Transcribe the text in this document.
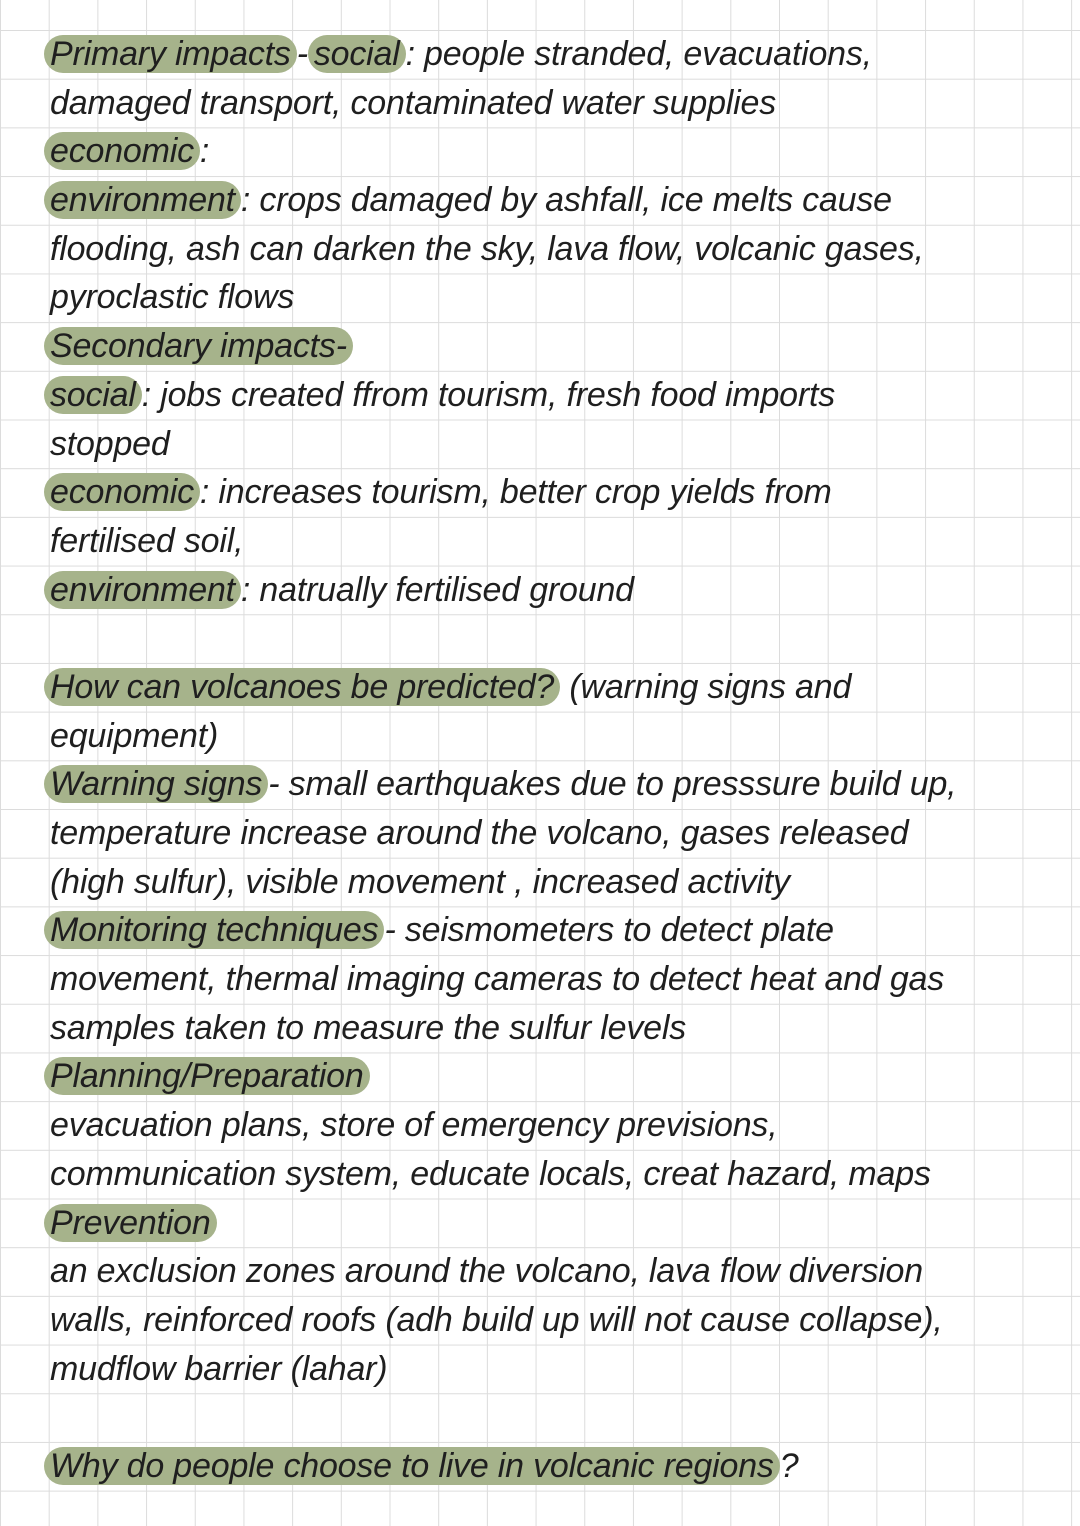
Primary impacts - social : people stranded, evacuations,
damaged transport, contaminated water supplies
economic :
environment : crops damaged by ashfall, ice melts cause
flooding, ash can darken the sky, lava flow, volcanic gases,
pyroclastic flows
Secondary impacts-
social : jobs created ffrom tourism, fresh food imports
stopped
economic : increases tourism, better crop yields from
fertilised soil,
environment : natrually fertilised ground
How can volcanoes be predicted? (warning signs and
equipment)
Warning signs - small earthquakes due to presssure build up,
temperature increase around the volcano, gases released
(high sulfur), visible movement , increased activity
Monitoring techniques - seismometers to detect plate
movement, thermal imaging cameras to detect heat and gas
samples taken to measure the sulfur levels
Planning/Preparation
evacuation plans, store of emergency previsions,
communication system, educate locals, creat hazard, maps
Prevention
an exclusion zones around the volcano, lava flow diversion
walls, reinforced roofs (adh build up will not cause collapse),
mudflow barrier (lahar)
Why do people choose to live in volcanic regions ?
